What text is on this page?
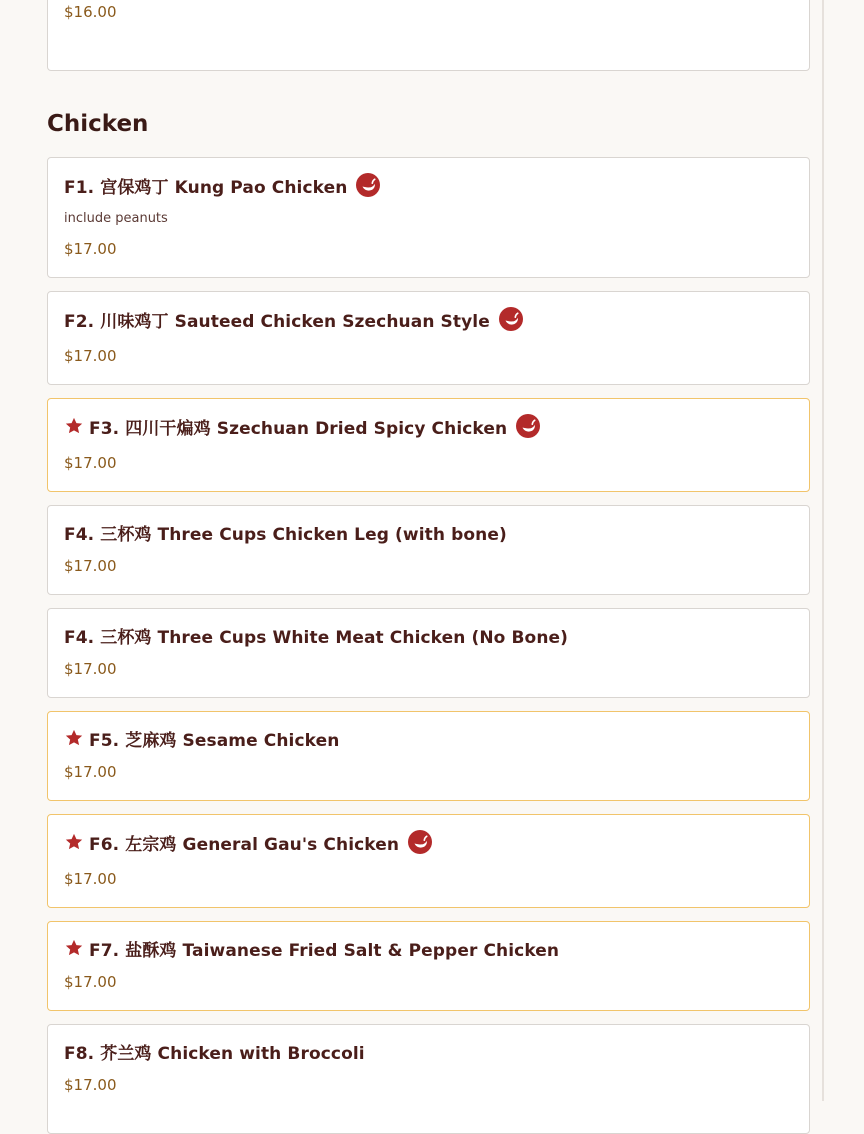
Chicken
$16.00
F1. 宫保鸡丁 Kung Pao Chicken
include peanuts
$17.00
F2. 川味鸡丁 Sauteed Chicken Szechuan Style
$17.00
F3. 四川干煸鸡 Szechuan Dried Spicy Chicken
$17.00
F4. 三杯鸡 Three Cups Chicken Leg (with bone)
$17.00
F4. 三杯鸡 Three Cups White Meat Chicken (No Bone)
$17.00
F5. 芝麻鸡 Sesame Chicken
$17.00
F6. 左宗鸡 General Gau's Chicken
$17.00
F7. 盐酥鸡 Taiwanese Fried Salt & Pepper Chicken
$17.00
F8. 芥兰鸡 Chicken with Broccoli
$17.00
